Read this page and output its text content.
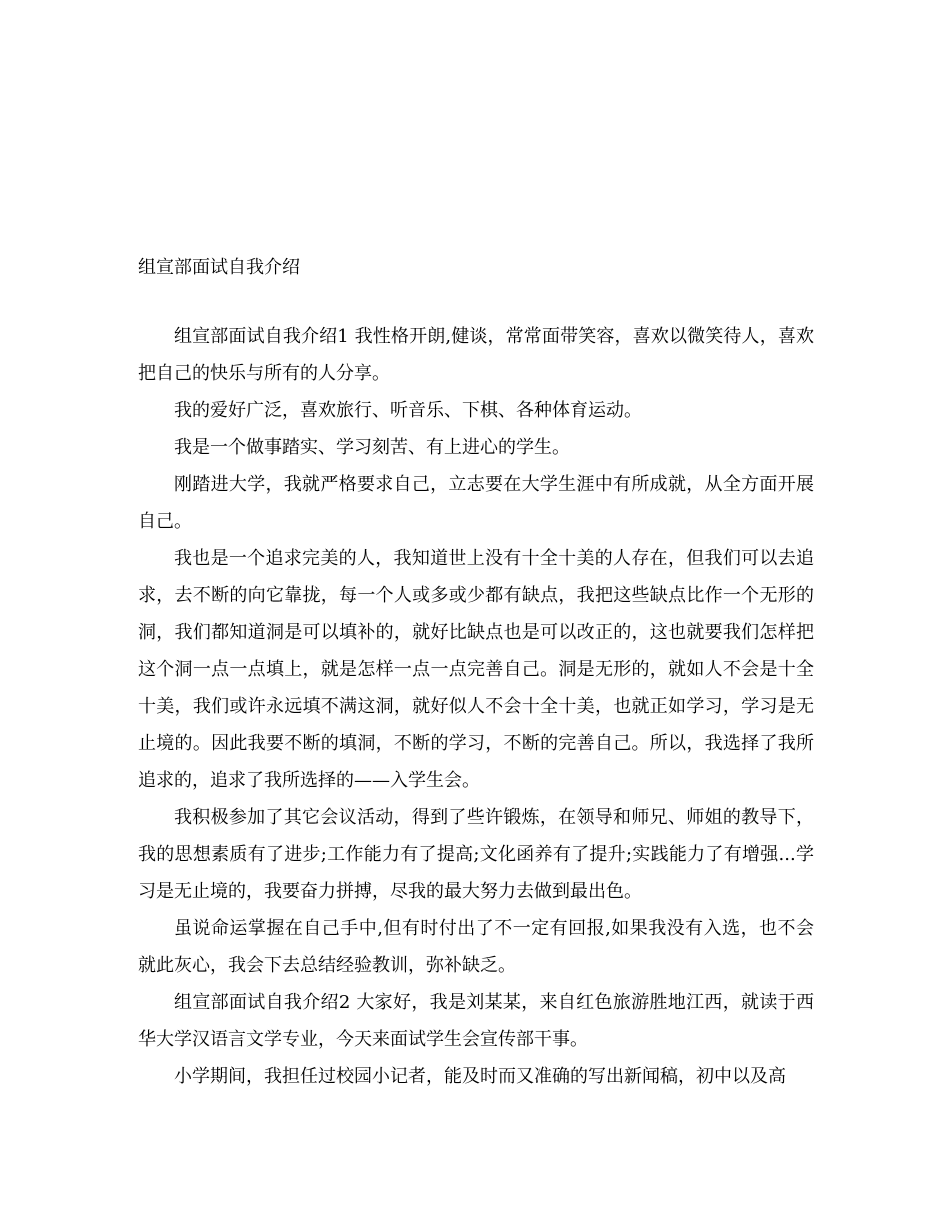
组宣部面试自我介绍

组宣部面试自我介绍1 我性格开朗,健谈，常常面带笑容，喜欢以微笑待人，喜欢把自己的快乐与所有的人分享。

我的爱好广泛，喜欢旅行、听音乐、下棋、各种体育运动。

我是一个做事踏实、学习刻苦、有上进心的学生。

刚踏进大学，我就严格要求自己，立志要在大学生涯中有所成就，从全方面开展自己。

我也是一个追求完美的人，我知道世上没有十全十美的人存在，但我们可以去追求，去不断的向它靠拢，每一个人或多或少都有缺点，我把这些缺点比作一个无形的洞，我们都知道洞是可以填补的，就好比缺点也是可以改正的，这也就要我们怎样把这个洞一点一点填上，就是怎样一点一点完善自己。洞是无形的，就如人不会是十全十美，我们或许永远填不满这洞，就好似人不会十全十美，也就正如学习，学习是无止境的。因此我要不断的填洞，不断的学习，不断的完善自己。所以，我选择了我所追求的，追求了我所选择的——入学生会。

我积极参加了其它会议活动，得到了些许锻炼，在领导和师兄、师姐的教导下，我的思想素质有了进步;工作能力有了提高;文化函养有了提升;实践能力了有增强...学习是无止境的，我要奋力拼搏，尽我的最大努力去做到最出色。

虽说命运掌握在自己手中,但有时付出了不一定有回报,如果我没有入选，也不会就此灰心，我会下去总结经验教训，弥补缺乏。

组宣部面试自我介绍2 大家好，我是刘某某，来自红色旅游胜地江西，就读于西华大学汉语言文学专业，今天来面试学生会宣传部干事。

小学期间，我担任过校园小记者，能及时而又准确的写出新闻稿，初中以及高
